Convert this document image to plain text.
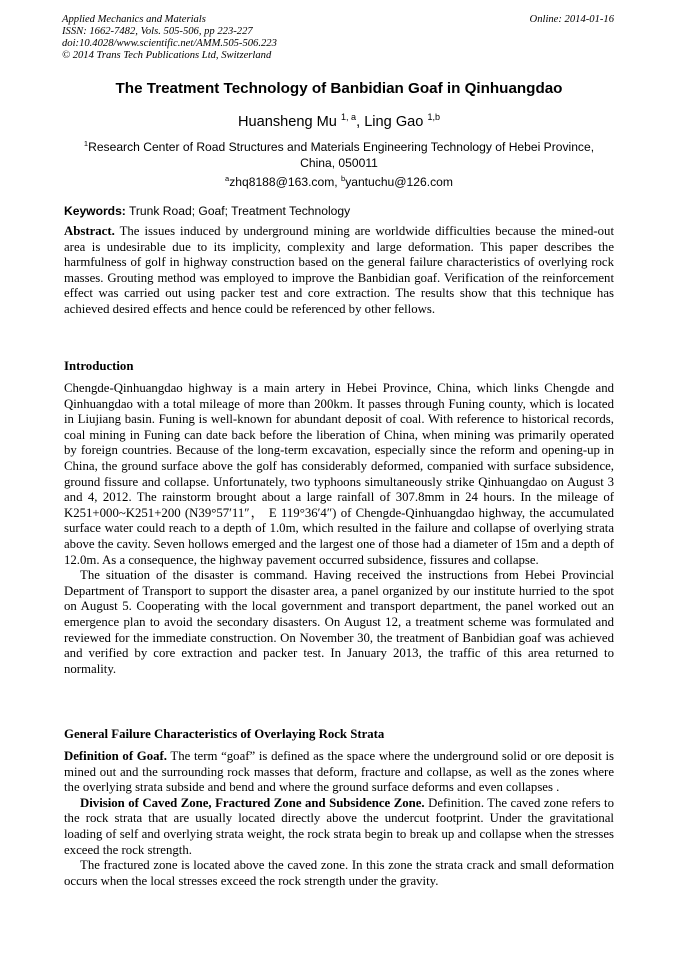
Applied Mechanics and Materials
ISSN: 1662-7482, Vols. 505-506, pp 223-227
doi:10.4028/www.scientific.net/AMM.505-506.223
© 2014 Trans Tech Publications Ltd, Switzerland
Online: 2014-01-16
The Treatment Technology of Banbidian Goaf in Qinhuangdao
Huansheng Mu $^{1, a}$, Ling Gao $^{1,b}$
$^1$Research Center of Road Structures and Materials Engineering Technology of Hebei Province,
China, 050011
$^a$zhq8188@163.com, $^b$yantuchu@126.com
Keywords: Trunk Road; Goaf; Treatment Technology

Abstract. The issues induced by underground mining are worldwide difficulties because the mined-out area is undesirable due to its implicity, complexity and large deformation. This paper describes the harmfulness of golf in highway construction based on the general failure characteristics of overlying rock masses. Grouting method was employed to improve the Banbidian goaf. Verification of the reinforcement effect was carried out using packer test and core extraction. The results show that this technique has achieved desired effects and hence could be referenced by other fellows.

Introduction

Chengde-Qinhuangdao highway is a main artery in Hebei Province, China, which links Chengde and Qinhuangdao with a total mileage of more than 200km. It passes through Funing county, which is located in Liujiang basin. Funing is well-known for abundant deposit of coal. With reference to historical records, coal mining in Funing can date back before the liberation of China, when mining was primarily operated by foreign countries. Because of the long-term excavation, especially since the reform and opening-up in China, the ground surface above the golf has considerably deformed, companied with surface subsidence, ground fissure and collapse. Unfortunately, two typhoons simultaneously strike Qinhuangdao on August 3 and 4, 2012. The rainstorm brought about a large rainfall of 307.8mm in 24 hours. In the mileage of K251+000~K251+200 (N39°57′11″， E 119°36′4″) of Chengde-Qinhuangdao highway, the accumulated surface water could reach to a depth of 1.0m, which resulted in the failure and collapse of overlying strata above the cavity. Seven hollows emerged and the largest one of those had a diameter of 15m and a depth of 12.0m. As a consequence, the highway pavement occurred subsidence, fissures and collapse.

The situation of the disaster is command. Having received the instructions from Hebei Provincial Department of Transport to support the disaster area, a panel organized by our institute hurried to the spot on August 5. Cooperating with the local government and transport department, the panel worked out an emergence plan to avoid the secondary disasters. On August 12, a treatment scheme was formulated and reviewed for the immediate construction. On November 30, the treatment of Banbidian goaf was achieved and verified by core extraction and packer test. In January 2013, the traffic of this area returned to normality.

General Failure Characteristics of Overlaying Rock Strata

Definition of Goaf. The term “goaf” is defined as the space where the underground solid or ore deposit is mined out and the surrounding rock masses that deform, fracture and collapse, as well as the zones where the overlying strata subside and bend and where the ground surface deforms and even collapses .

Division of Caved Zone, Fractured Zone and Subsidence Zone. Definition. The caved zone refers to the rock strata that are usually located directly above the undercut footprint. Under the gravitational loading of self and overlying strata weight, the rock strata begin to break up and collapse when the stresses exceed the rock strength.

The fractured zone is located above the caved zone. In this zone the strata crack and small deformation occurs when the local stresses exceed the rock strength under the gravity.
